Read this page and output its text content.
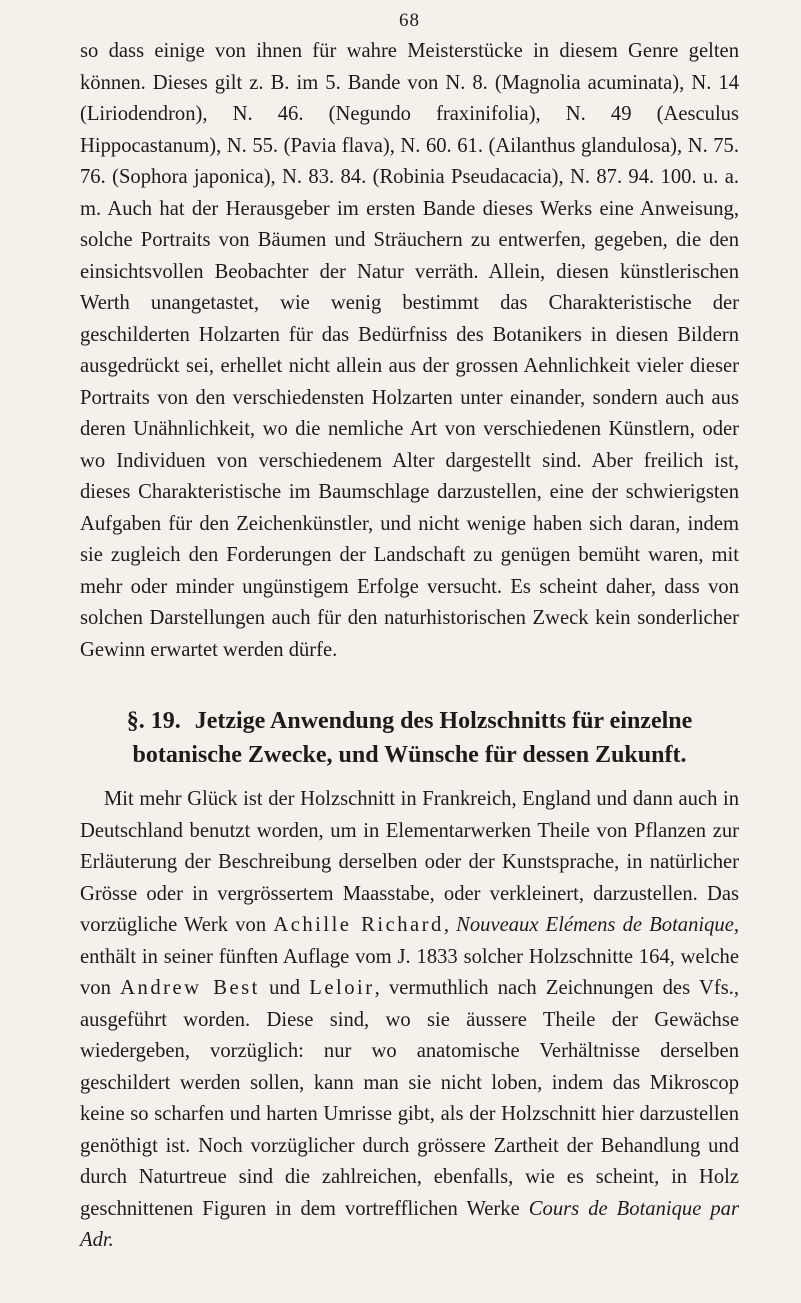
68

so dass einige von ihnen für wahre Meisterstücke in diesem Genre gelten können. Dieses gilt z. B. im 5. Bande von N. 8. (Magnolia acuminata), N. 14 (Liriodendron), N. 46. (Negundo fraxinifolia), N. 49 (Aesculus Hippocastanum), N. 55. (Pavia flava), N. 60. 61. (Ailanthus glandulosa), N. 75. 76. (Sophora japonica), N. 83. 84. (Robinia Pseudacacia), N. 87. 94. 100. u. a. m. Auch hat der Herausgeber im ersten Bande dieses Werks eine Anweisung, solche Portraits von Bäumen und Sträuchern zu entwerfen, gegeben, die den einsichtsvollen Beobachter der Natur verräth. Allein, diesen künstlerischen Werth unangetastet, wie wenig bestimmt das Charakteristische der geschilderten Holzarten für das Bedürfniss des Botanikers in diesen Bildern ausgedrückt sei, erhellet nicht allein aus der grossen Aehnlichkeit vieler dieser Portraits von den verschiedensten Holzarten unter einander, sondern auch aus deren Unähnlichkeit, wo die nemliche Art von verschiedenen Künstlern, oder wo Individuen von verschiedenem Alter dargestellt sind. Aber freilich ist, dieses Charakteristische im Baumschlage darzustellen, eine der schwierigsten Aufgaben für den Zeichenkünstler, und nicht wenige haben sich daran, indem sie zugleich den Forderungen der Landschaft zu genügen bemüht waren, mit mehr oder minder ungünstigem Erfolge versucht. Es scheint daher, dass von solchen Darstellungen auch für den naturhistorischen Zweck kein sonderlicher Gewinn erwartet werden dürfe.

§. 19. Jetzige Anwendung des Holzschnitts für einzelne botanische Zwecke, und Wünsche für dessen Zukunft.

Mit mehr Glück ist der Holzschnitt in Frankreich, England und dann auch in Deutschland benutzt worden, um in Elementarwerken Theile von Pflanzen zur Erläuterung der Beschreibung derselben oder der Kunstsprache, in natürlicher Grösse oder in vergrössertem Maasstabe, oder verkleinert, darzustellen. Das vorzügliche Werk von Achille Richard, Nouveaux Elémens de Botanique, enthält in seiner fünften Auflage vom J. 1833 solcher Holzschnitte 164, welche von Andrew Best und Leloir, vermuthlich nach Zeichnungen des Vfs., ausgeführt worden. Diese sind, wo sie äussere Theile der Gewächse wiedergeben, vorzüglich: nur wo anatomische Verhältnisse derselben geschildert werden sollen, kann man sie nicht loben, indem das Mikroscop keine so scharfen und harten Umrisse gibt, als der Holzschnitt hier darzustellen genöthigt ist. Noch vorzüglicher durch grössere Zartheit der Behandlung und durch Naturtreue sind die zahlreichen, ebenfalls, wie es scheint, in Holz geschnittenen Figuren in dem vortrefflichen Werke Cours de Botanique par Adr.
